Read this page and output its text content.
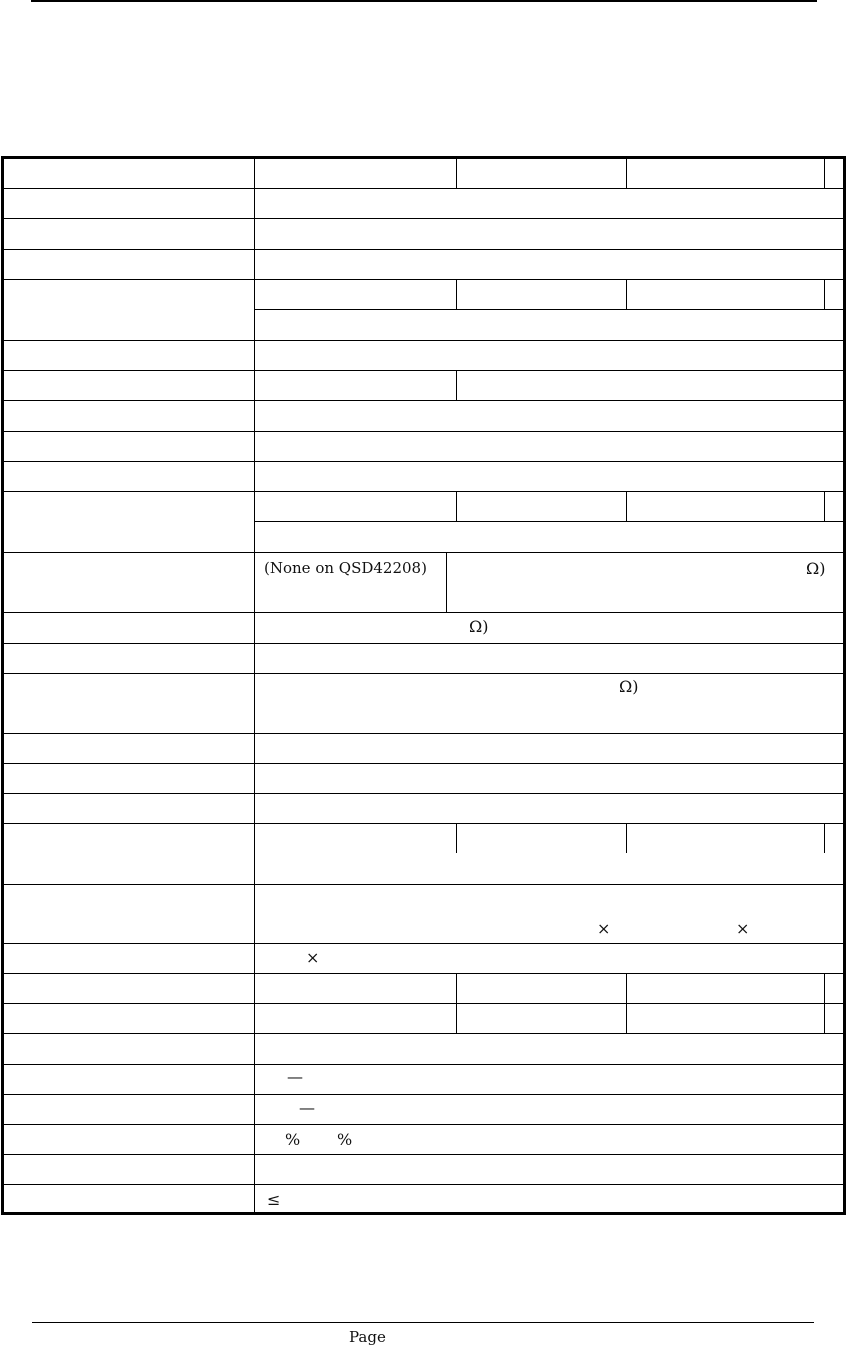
(None on QSD42208)	Ω)
Ω)
Ω)
×	×
×
—
—
% %
≤
Page
